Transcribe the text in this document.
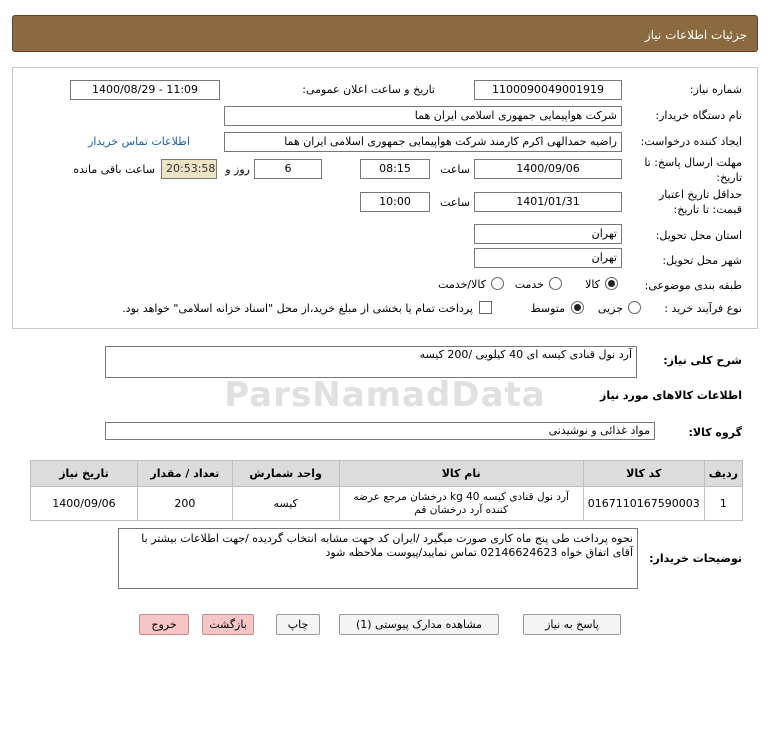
جزئیات اطلاعات نیاز
شماره نیاز:
1100090049001919
تاریخ و ساعت اعلان عمومی:
1400/08/29 - 11:09
نام دستگاه خریدار:
شرکت هواپیمایی جمهوری اسلامی ایران هما
ایجاد کننده درخواست:
راضیه حمدالهی اکرم کارمند شرکت هواپیمایی جمهوری اسلامی ایران هما
اطلاعات تماس خریدار
مهلت ارسال پاسخ: تا
تاریخ:
1400/09/06
ساعت
08:15
6
روز و
20:53:58
ساعت باقی مانده
حداقل تاریخ اعتبار
قیمت: تا تاریخ:
1401/01/31
ساعت
10:00
استان محل تحویل:
تهران
شهر محل تحویل:
تهران
طبقه بندی موضوعی:
کالا
خدمت
کالا/خدمت
نوع فرآیند خرید :
جزیی
متوسط
پرداخت تمام یا بخشی از مبلغ خرید،از محل "اسناد خزانه اسلامی" خواهد بود.
شرح کلی نیاز:
آرد نول قنادی کیسه ای 40 کیلویی /200 کیسه
ParsNamadData	اطلاعات کالاهای مورد نیاز
گروه کالا:
مواد غذائی و نوشیدنی
ردیف	کد کالا	نام کالا	واحد شمارش	تعداد / مقدار	تاریخ نیاز
1	0167110167590003	آرد نول قنادی کیسه 40 kg درخشان مرجع عرضه کننده آرد درخشان قم	کیسه	200	1400/09/06
توضیحات خریدار:
نحوه پرداخت طی پنج ماه کاری صورت میگیرد /ایران کد جهت مشابه انتخاب گردیده /جهت اطلاعات بیشتر با آقای اتفاق خواه 02146624623 تماس نمایید/پیوست ملاحظه شود
پاسخ به نیاز
مشاهده مدارک پیوستی (1)
چاپ
بازگشت
خروج
